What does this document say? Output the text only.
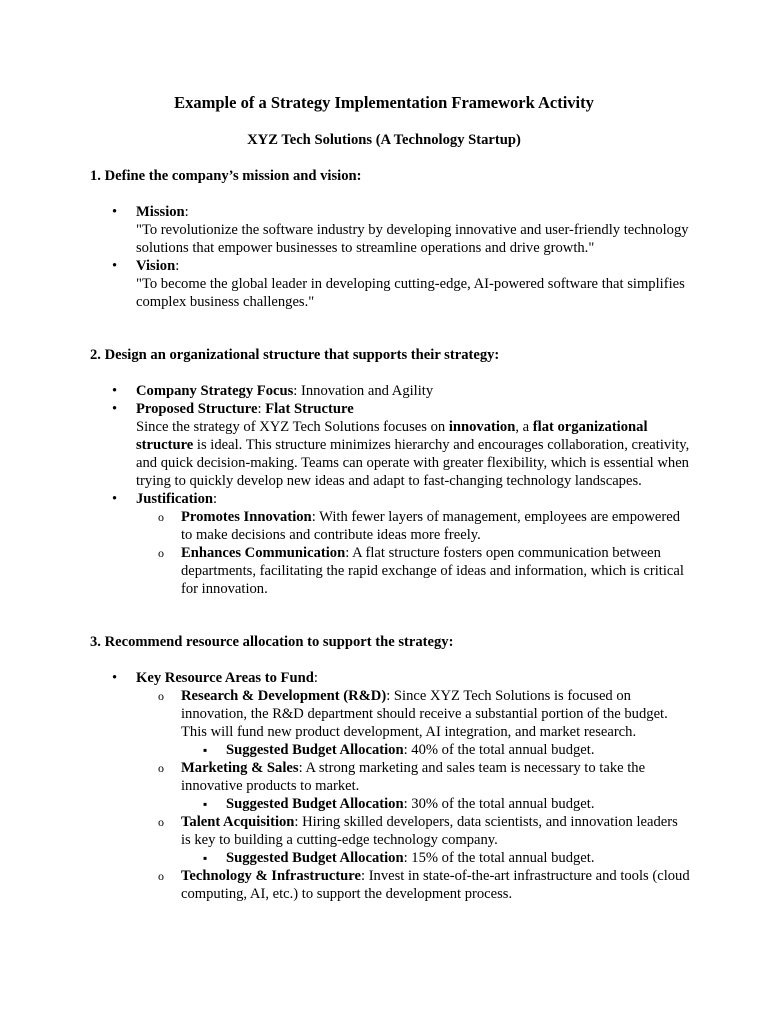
Example of a Strategy Implementation Framework Activity
XYZ Tech Solutions (A Technology Startup)
1. Define the company’s mission and vision:
• Mission:
"To revolutionize the software industry by developing innovative and user-friendly technology solutions that empower businesses to streamline operations and drive growth."
• Vision:
"To become the global leader in developing cutting-edge, AI-powered software that simplifies complex business challenges."
2. Design an organizational structure that supports their strategy:
• Company Strategy Focus: Innovation and Agility
• Proposed Structure: Flat Structure
Since the strategy of XYZ Tech Solutions focuses on innovation, a flat organizational structure is ideal. This structure minimizes hierarchy and encourages collaboration, creativity, and quick decision-making. Teams can operate with greater flexibility, which is essential when trying to quickly develop new ideas and adapt to fast-changing technology landscapes.
• Justification:
o Promotes Innovation: With fewer layers of management, employees are empowered to make decisions and contribute ideas more freely.
o Enhances Communication: A flat structure fosters open communication between departments, facilitating the rapid exchange of ideas and information, which is critical for innovation.
3. Recommend resource allocation to support the strategy:
• Key Resource Areas to Fund:
o Research & Development (R&D): Since XYZ Tech Solutions is focused on innovation, the R&D department should receive a substantial portion of the budget. This will fund new product development, AI integration, and market research.
▪ Suggested Budget Allocation: 40% of the total annual budget.
o Marketing & Sales: A strong marketing and sales team is necessary to take the innovative products to market.
▪ Suggested Budget Allocation: 30% of the total annual budget.
o Talent Acquisition: Hiring skilled developers, data scientists, and innovation leaders is key to building a cutting-edge technology company.
▪ Suggested Budget Allocation: 15% of the total annual budget.
o Technology & Infrastructure: Invest in state-of-the-art infrastructure and tools (cloud computing, AI, etc.) to support the development process.
